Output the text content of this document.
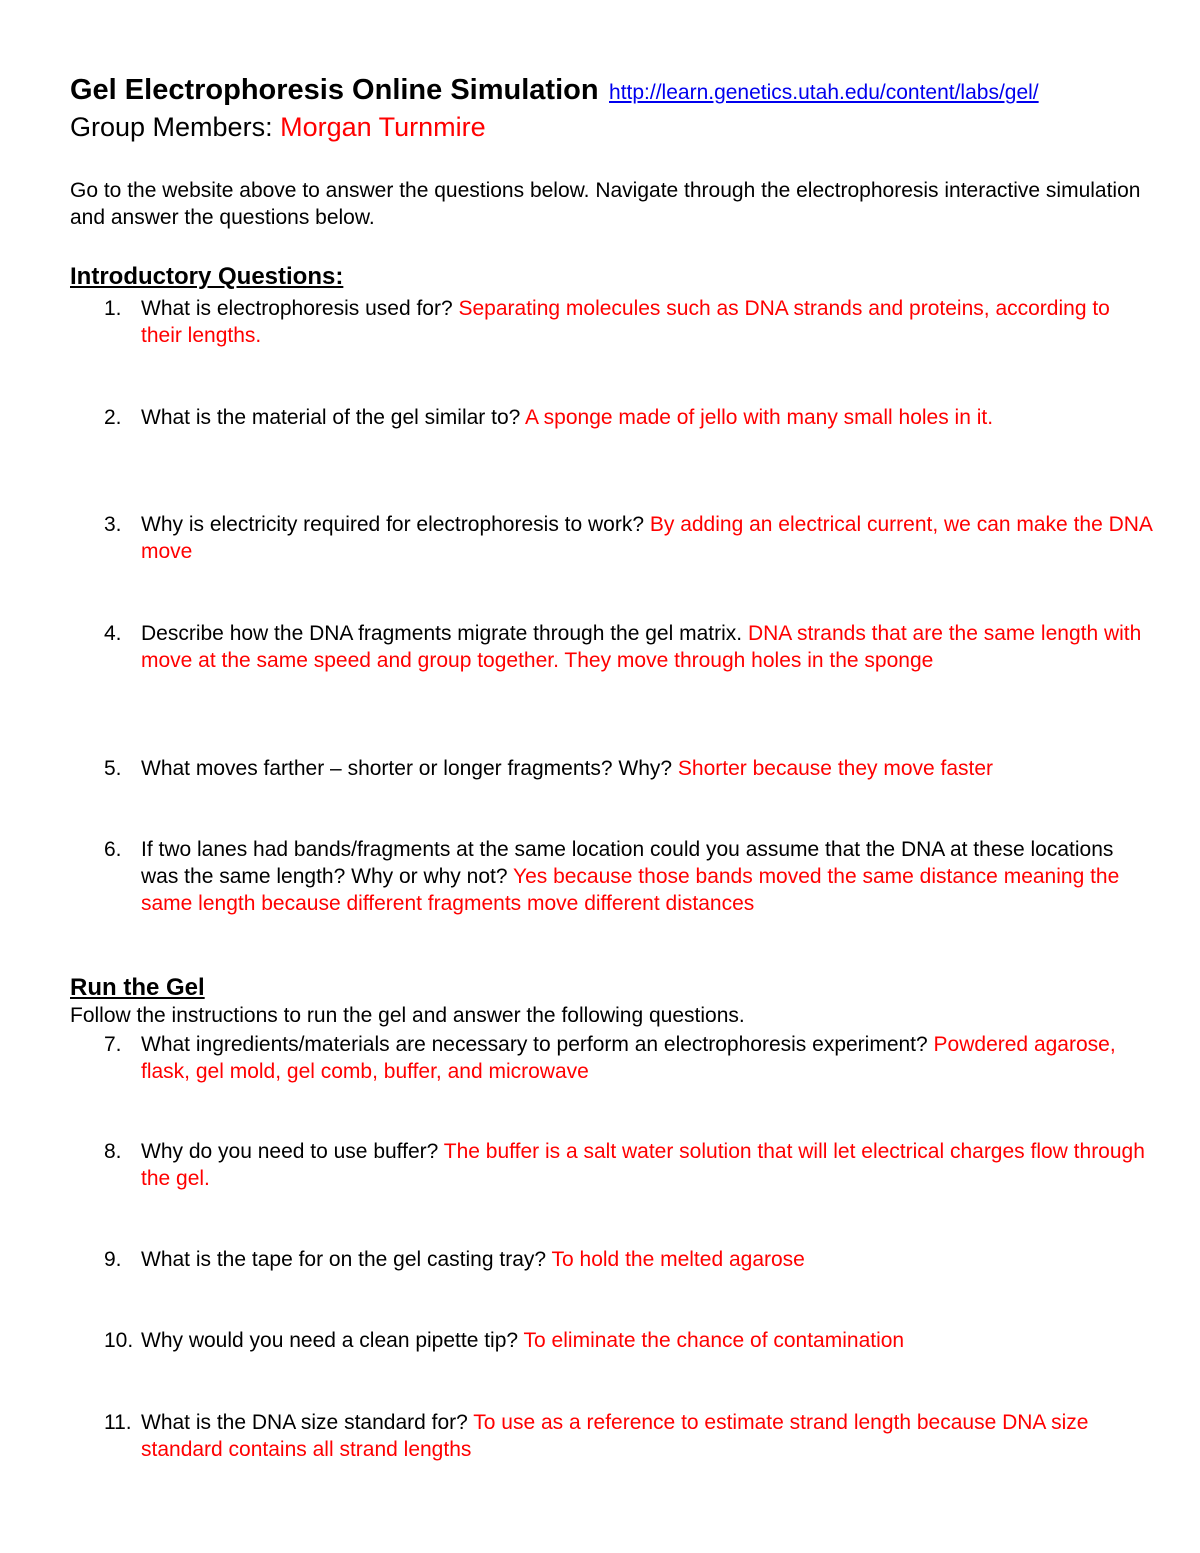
Gel Electrophoresis Online Simulation http://learn.genetics.utah.edu/content/labs/gel/
Group Members: Morgan Turnmire
Go to the website above to answer the questions below. Navigate through the electrophoresis interactive simulation and answer the questions below.
Introductory Questions:
1. What is electrophoresis used for? Separating molecules such as DNA strands and proteins, according to their lengths.
2. What is the material of the gel similar to? A sponge made of jello with many small holes in it.
3. Why is electricity required for electrophoresis to work? By adding an electrical current, we can make the DNA move
4. Describe how the DNA fragments migrate through the gel matrix. DNA strands that are the same length with move at the same speed and group together. They move through holes in the sponge
5. What moves farther – shorter or longer fragments? Why? Shorter because they move faster
6. If two lanes had bands/fragments at the same location could you assume that the DNA at these locations was the same length? Why or why not? Yes because those bands moved the same distance meaning the same length because different fragments move different distances
Run the Gel
Follow the instructions to run the gel and answer the following questions.
7. What ingredients/materials are necessary to perform an electrophoresis experiment? Powdered agarose, flask, gel mold, gel comb, buffer, and microwave
8. Why do you need to use buffer? The buffer is a salt water solution that will let electrical charges flow through the gel.
9. What is the tape for on the gel casting tray? To hold the melted agarose
10. Why would you need a clean pipette tip? To eliminate the chance of contamination
11. What is the DNA size standard for? To use as a reference to estimate strand length because DNA size standard contains all strand lengths
